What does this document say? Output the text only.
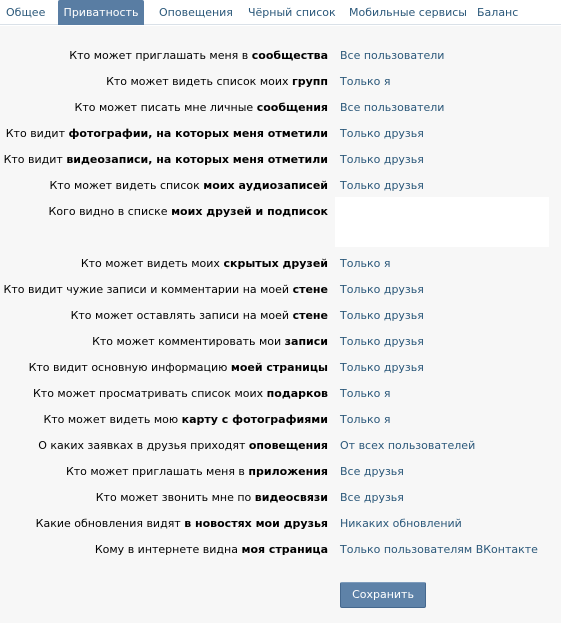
Общее	Приватность	Оповещения Чёрный список Мобильные сервисы Баланс
Кто может приглашать меня в сообщества Все пользователи
Кто может видеть список моих групп Только я
Кто может писать мне личные сообщения Все пользователи
Кто видит фотографии, на которых меня отметили Только друзья
Кто видит видеозаписи, на которых меня отметили Только друзья
Кто может видеть список моих аудиозаписей Только друзья
Кого видно в списке моих друзей и подписок
Кто может видеть моих скрытых друзей Только я
Кто видит чужие записи и комментарии на моей стене Только друзья
Кто может оставлять записи на моей стене Только друзья
Кто может комментировать мои записи Только друзья
Кто видит основную информацию моей страницы Только друзья
Кто может просматривать список моих подарков Только я
Кто может видеть мою карту с фотографиями Только я
О каких заявках в друзья приходят оповещения От всех пользователей
Кто может приглашать меня в приложения Все друзья
Кто может звонить мне по видеосвязи Все друзья
Какие обновления видят в новостях мои друзья Никаких обновлений
Кому в интернете видна моя страница Только пользователям ВКонтакте
Сохранить
